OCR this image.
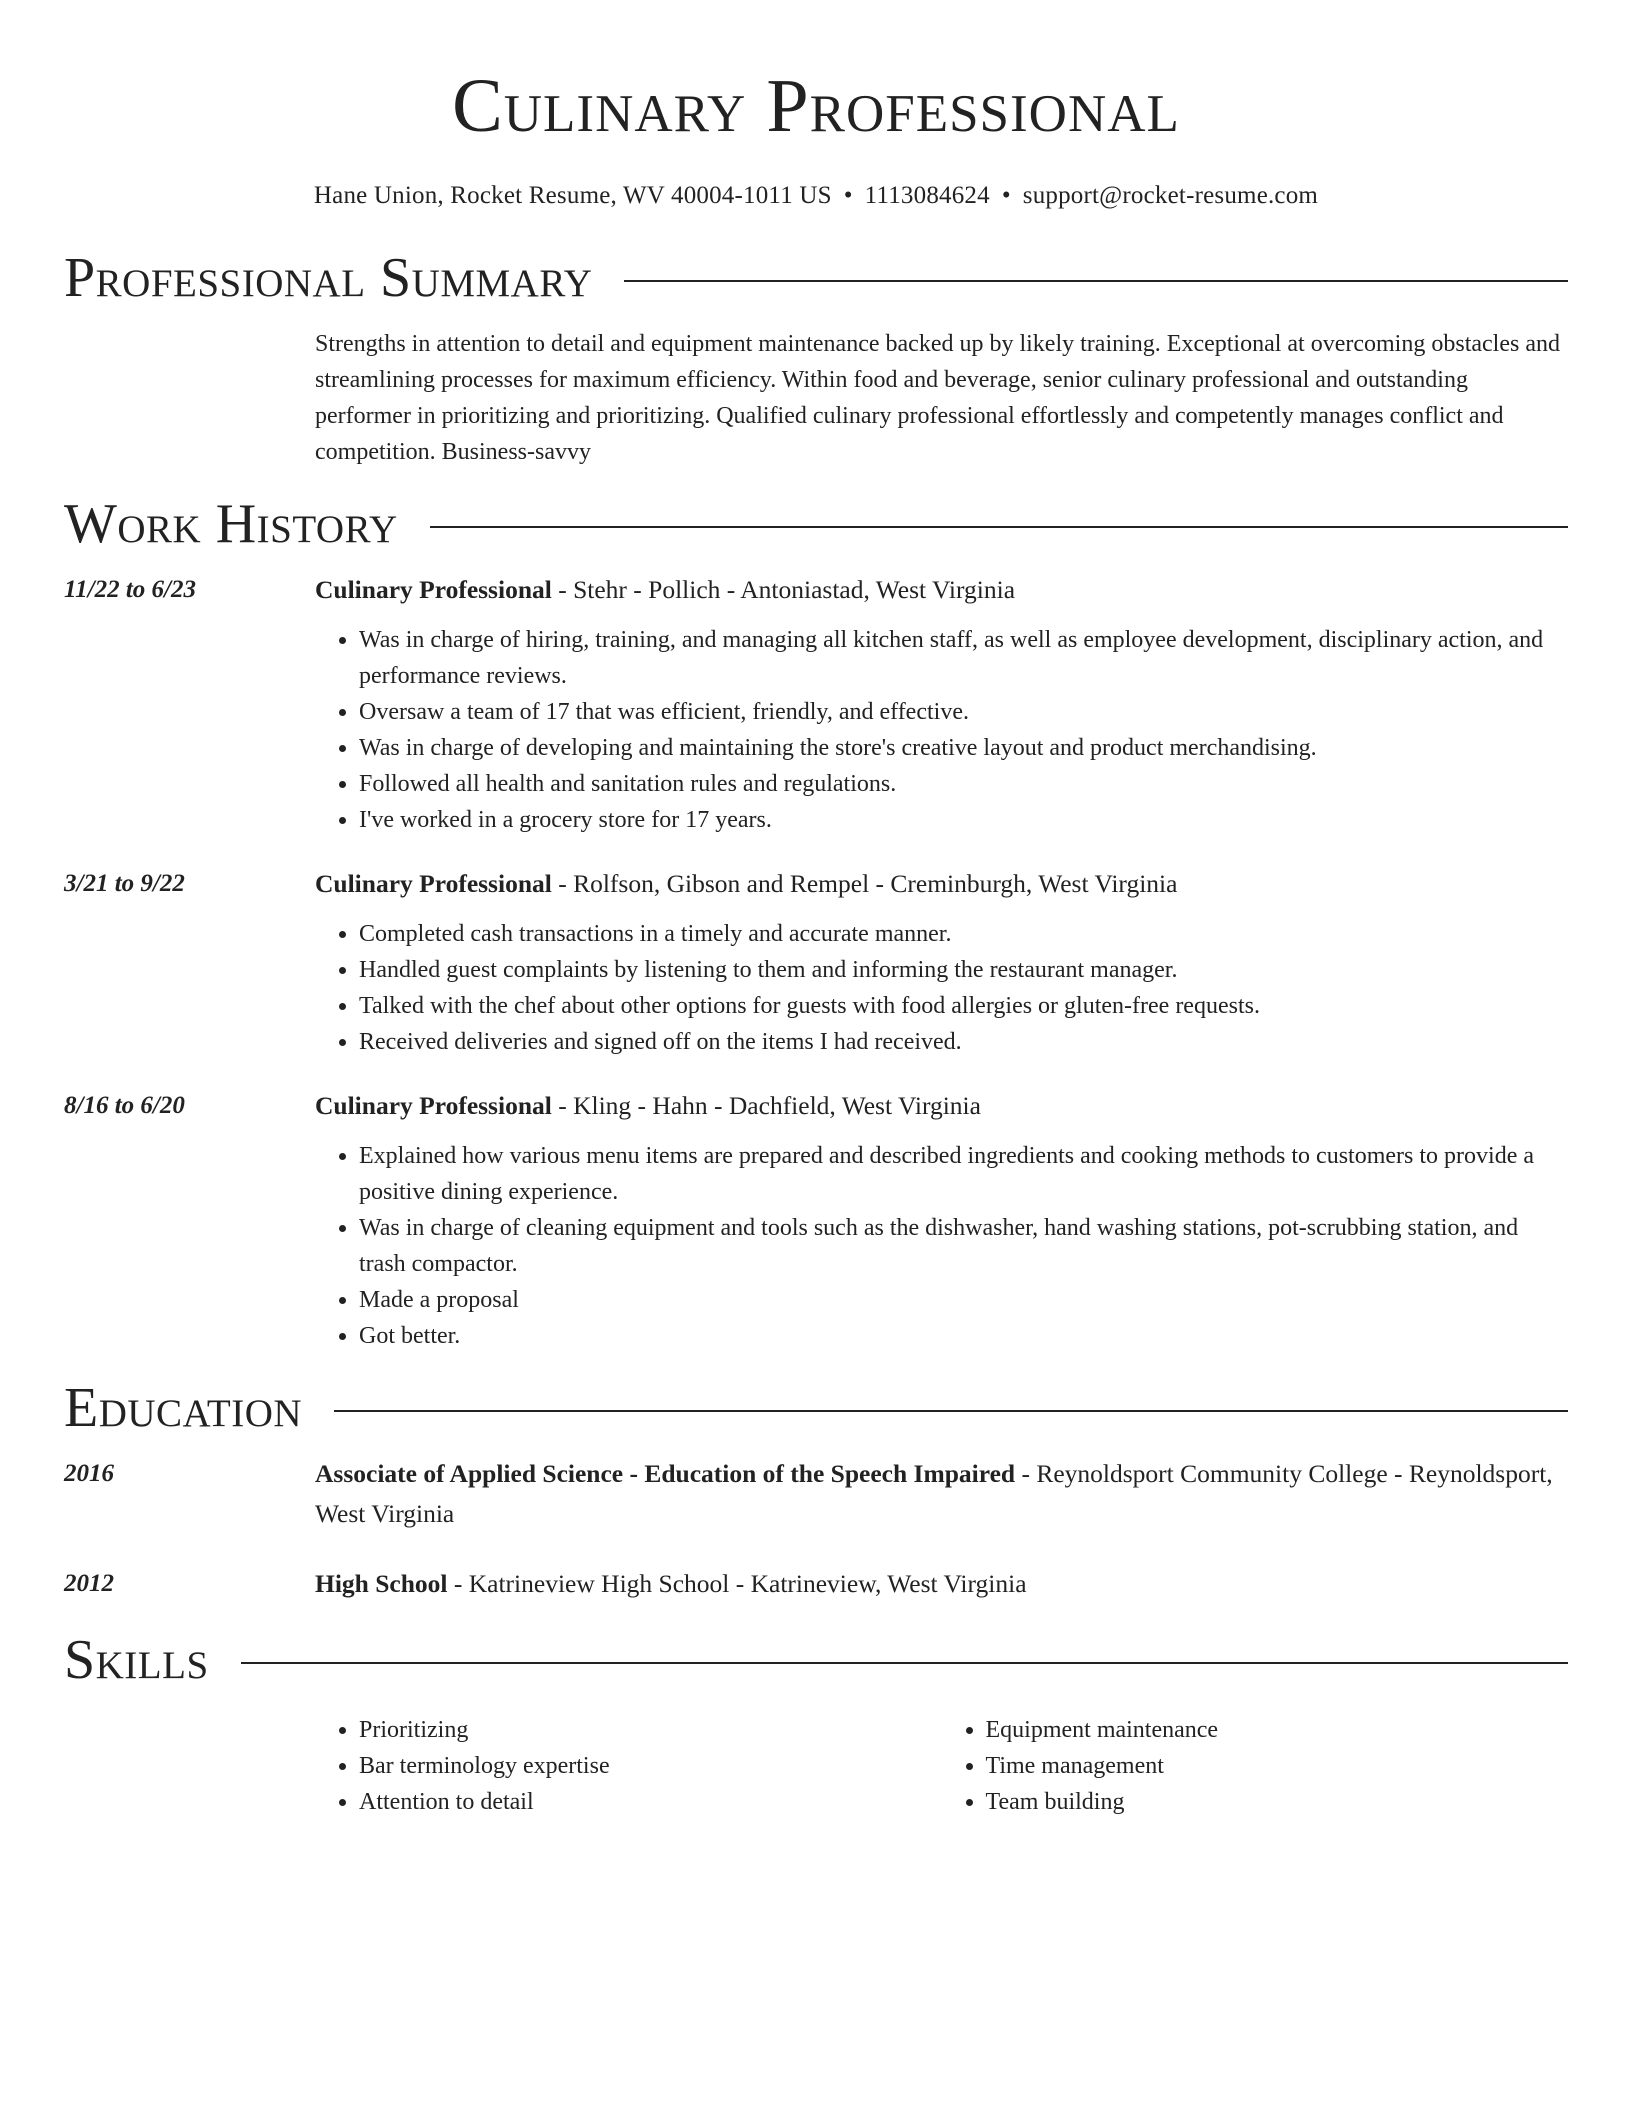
Culinary Professional
Hane Union, Rocket Resume, WV 40004-1011 US • 1113084624 • support@rocket-resume.com
Professional Summary
Strengths in attention to detail and equipment maintenance backed up by likely training. Exceptional at overcoming obstacles and streamlining processes for maximum efficiency. Within food and beverage, senior culinary professional and outstanding performer in prioritizing and prioritizing. Qualified culinary professional effortlessly and competently manages conflict and competition. Business-savvy
Work History
11/22 to 6/23	Culinary Professional - Stehr - Pollich - Antoniastad, West Virginia
• Was in charge of hiring, training, and managing all kitchen staff, as well as employee development, disciplinary action, and performance reviews.
• Oversaw a team of 17 that was efficient, friendly, and effective.
• Was in charge of developing and maintaining the store's creative layout and product merchandising.
• Followed all health and sanitation rules and regulations.
• I've worked in a grocery store for 17 years.
3/21 to 9/22	Culinary Professional - Rolfson, Gibson and Rempel - Creminburgh, West Virginia
• Completed cash transactions in a timely and accurate manner.
• Handled guest complaints by listening to them and informing the restaurant manager.
• Talked with the chef about other options for guests with food allergies or gluten-free requests.
• Received deliveries and signed off on the items I had received.
8/16 to 6/20	Culinary Professional - Kling - Hahn - Dachfield, West Virginia
• Explained how various menu items are prepared and described ingredients and cooking methods to customers to provide a positive dining experience.
• Was in charge of cleaning equipment and tools such as the dishwasher, hand washing stations, pot-scrubbing station, and trash compactor.
• Made a proposal
• Got better.
Education
2016	Associate of Applied Science - Education of the Speech Impaired - Reynoldsport Community College - Reynoldsport, West Virginia
2012	High School - Katrineview High School - Katrineview, West Virginia
Skills
• Prioritizing
• Bar terminology expertise
• Attention to detail
• Equipment maintenance
• Time management
• Team building
